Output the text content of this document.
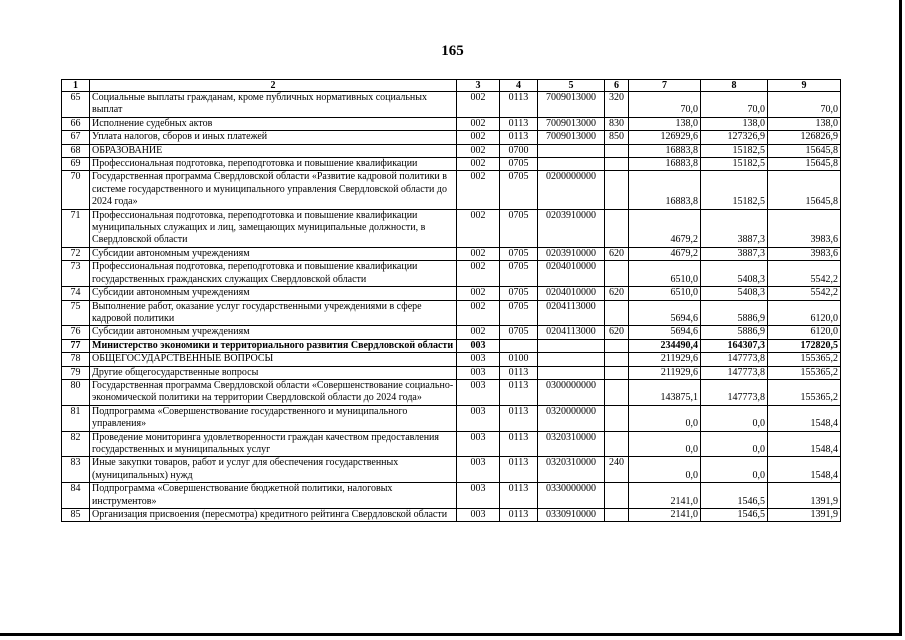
165
1	2	3	4	5	6	7	8	9
65	Социальные выплаты гражданам, кроме публичных нормативных социальных выплат	002	0113	7009013000	320	70,0	70,0	70,0
66	Исполнение судебных актов	002	0113	7009013000	830	138,0	138,0	138,0
67	Уплата налогов, сборов и иных платежей	002	0113	7009013000	850	126929,6	127326,9	126826,9
68	ОБРАЗОВАНИЕ	002	0700			16883,8	15182,5	15645,8
69	Профессиональная подготовка, переподготовка и повышение квалификации	002	0705			16883,8	15182,5	15645,8
70	Государственная программа Свердловской области «Развитие кадровой политики в системе государственного и муниципального управления Свердловской области до 2024 года»	002	0705	0200000000		16883,8	15182,5	15645,8
71	Профессиональная подготовка, переподготовка и повышение квалификации муниципальных служащих и лиц, замещающих муниципальные должности, в Свердловской области	002	0705	0203910000		4679,2	3887,3	3983,6
72	Субсидии автономным учреждениям	002	0705	0203910000	620	4679,2	3887,3	3983,6
73	Профессиональная подготовка, переподготовка и повышение квалификации государственных гражданских служащих Свердловской области	002	0705	0204010000		6510,0	5408,3	5542,2
74	Субсидии автономным учреждениям	002	0705	0204010000	620	6510,0	5408,3	5542,2
75	Выполнение работ, оказание услуг государственными учреждениями в сфере кадровой политики	002	0705	0204113000		5694,6	5886,9	6120,0
76	Субсидии автономным учреждениям	002	0705	0204113000	620	5694,6	5886,9	6120,0
77	Министерство экономики и территориального развития Свердловской области	003				234490,4	164307,3	172820,5
78	ОБЩЕГОСУДАРСТВЕННЫЕ ВОПРОСЫ	003	0100			211929,6	147773,8	155365,2
79	Другие общегосударственные вопросы	003	0113			211929,6	147773,8	155365,2
80	Государственная программа Свердловской области «Совершенствование социально-экономической политики на территории Свердловской области до 2024 года»	003	0113	0300000000		143875,1	147773,8	155365,2
81	Подпрограмма «Совершенствование государственного и муниципального управления»	003	0113	0320000000		0,0	0,0	1548,4
82	Проведение мониторинга удовлетворенности граждан качеством предоставления государственных и муниципальных услуг	003	0113	0320310000		0,0	0,0	1548,4
83	Иные закупки товаров, работ и услуг для обеспечения государственных (муниципальных) нужд	003	0113	0320310000	240	0,0	0,0	1548,4
84	Подпрограмма «Совершенствование бюджетной политики, налоговых инструментов»	003	0113	0330000000		2141,0	1546,5	1391,9
85	Организация присвоения (пересмотра) кредитного рейтинга Свердловской области	003	0113	0330910000		2141,0	1546,5	1391,9
